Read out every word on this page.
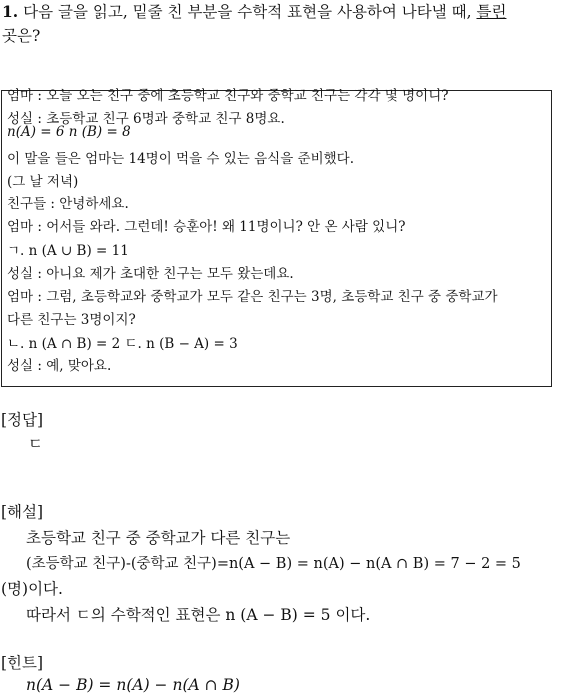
1. 다음 글을 읽고, 밑줄 친 부분을 수학적 표현을 사용하여 나타낼 때, 틀린
곳은?
엄마 : 오늘 오는 친구 중에 초등학교 친구와 중학교 친구는 각각 몇 명이니?
성실 : 초등학교 친구 6명과 중학교 친구 8명요.
n(A) = 6 n (B) = 8
이 말을 들은 엄마는 14명이 먹을 수 있는 음식을 준비했다.
(그 날 저녁)
친구들 : 안녕하세요.
엄마 : 어서들 와라. 그런데! 승훈아! 왜 11명이니? 안 온 사람 있니?
ㄱ. n (A ∪ B) = 11
성실 : 아니요 제가 초대한 친구는 모두 왔는데요.
엄마 : 그럼, 초등학교와 중학교가 모두 같은 친구는 3명, 초등학교 친구 중 중학교가
다른 친구는 3명이지?
ㄴ. n (A ∩ B) = 2 ㄷ. n (B − A) = 3
성실 : 예, 맞아요.
[정답]
ㄷ
[해설]
초등학교 친구 중 중학교가 다른 친구는
(초등학교 친구)-(중학교 친구)=n(A − B) = n(A) − n(A ∩ B) = 7 − 2 = 5
(명)이다.
따라서 ㄷ의 수학적인 표현은 n (A − B) = 5 이다.
[힌트]
n(A − B) = n(A) − n(A ∩ B)
